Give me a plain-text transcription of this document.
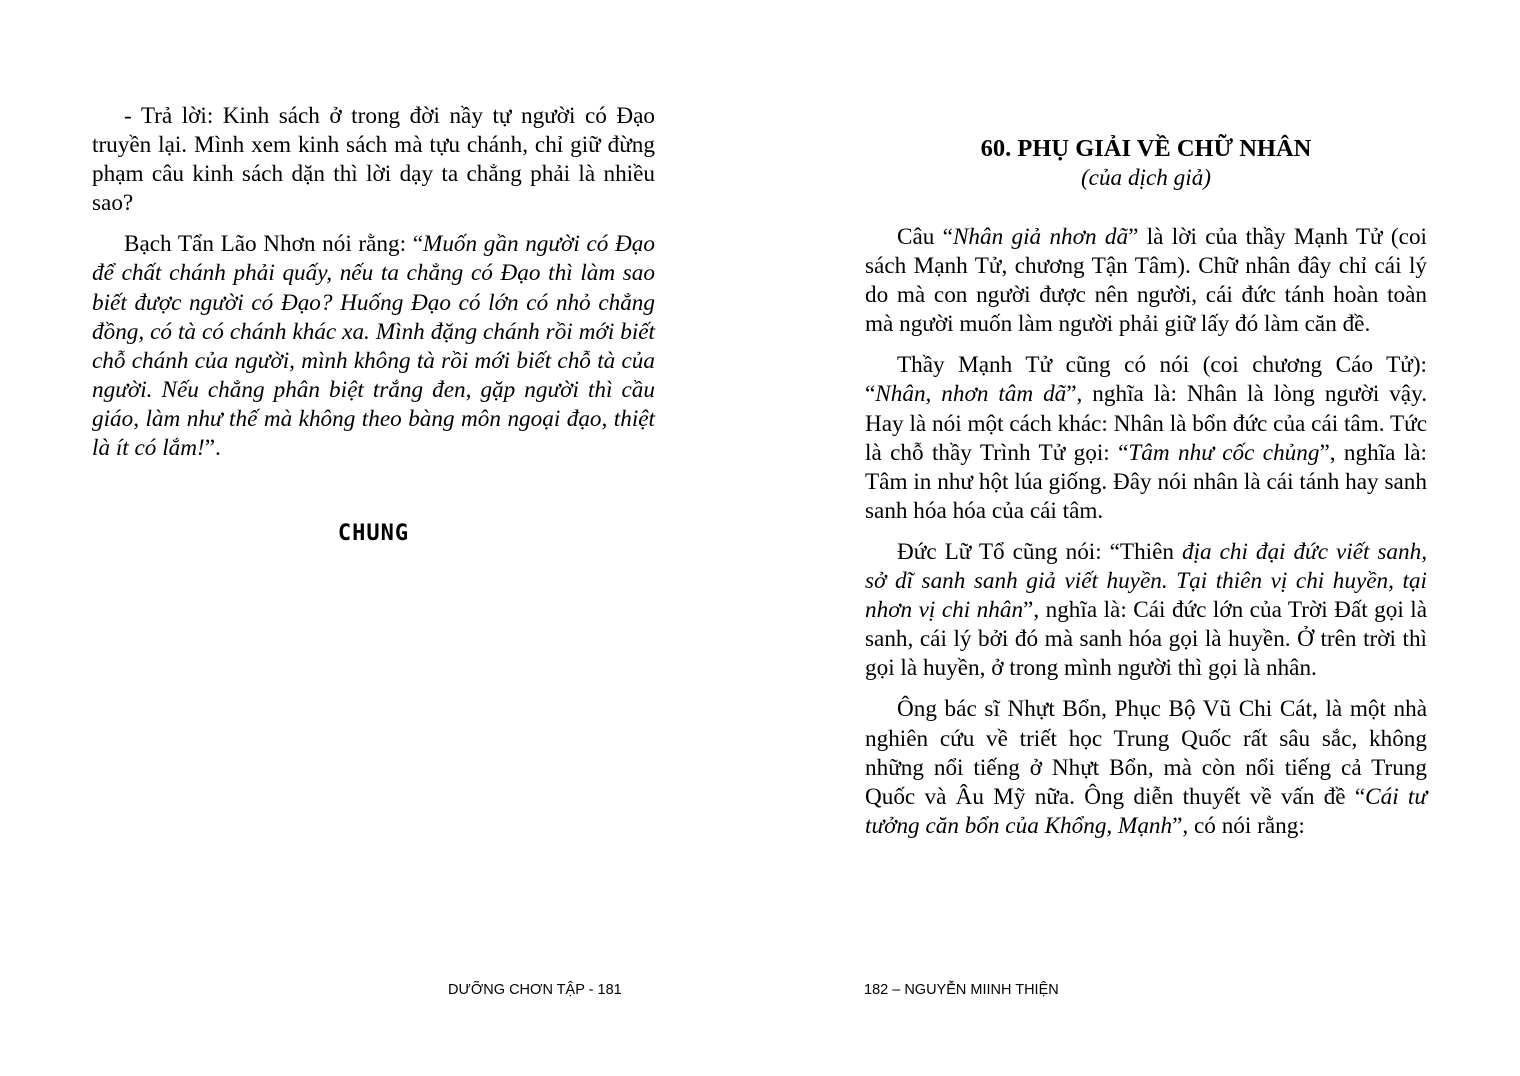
- Trả lời: Kinh sách ở trong đời nầy tự người có Đạo truyền lại. Mình xem kinh sách mà tựu chánh, chỉ giữ đừng phạm câu kinh sách dặn thì lời dạy ta chẳng phải là nhiều sao?

Bạch Tẩn Lão Nhơn nói rằng: “Muốn gần người có Đạo để chất chánh phải quấy, nếu ta chẳng có Đạo thì làm sao biết được người có Đạo? Huống Đạo có lớn có nhỏ chẳng đồng, có tà có chánh khác xa. Mình đặng chánh rồi mới biết chỗ chánh của người, mình không tà rồi mới biết chỗ tà của người. Nếu chẳng phân biệt trắng đen, gặp người thì cầu giáo, làm như thế mà không theo bàng môn ngoại đạo, thiệt là ít có lắm!”.

CHUNG
DƯỠNG CHƠN TẬP - 181
60. PHỤ GIẢI VỀ CHỮ NHÂN
(của dịch giả)

Câu “Nhân giả nhơn dã” là lời của thầy Mạnh Tử (coi sách Mạnh Tử, chương Tận Tâm). Chữ nhân đây chỉ cái lý do mà con người được nên người, cái đức tánh hoàn toàn mà người muốn làm người phải giữ lấy đó làm căn đề.

Thầy Mạnh Tử cũng có nói (coi chương Cáo Tử): “Nhân, nhơn tâm dã”, nghĩa là: Nhân là lòng người vậy. Hay là nói một cách khác: Nhân là bổn đức của cái tâm. Tức là chỗ thầy Trình Tử gọi: “Tâm như cốc chủng”, nghĩa là: Tâm in như hột lúa giống. Đây nói nhân là cái tánh hay sanh sanh hóa hóa của cái tâm.

Đức Lữ Tổ cũng nói: “Thiên địa chi đại đức viết sanh, sở dĩ sanh sanh giả viết huyền. Tại thiên vị chi huyền, tại nhơn vị chi nhân”, nghĩa là: Cái đức lớn của Trời Đất gọi là sanh, cái lý bởi đó mà sanh hóa gọi là huyền. Ở trên trời thì gọi là huyền, ở trong mình người thì gọi là nhân.

Ông bác sĩ Nhựt Bổn, Phục Bộ Vũ Chi Cát, là một nhà nghiên cứu về triết học Trung Quốc rất sâu sắc, không những nổi tiếng ở Nhựt Bổn, mà còn nổi tiếng cả Trung Quốc và Âu Mỹ nữa. Ông diễn thuyết về vấn đề “Cái tư tưởng căn bổn của Khổng, Mạnh”, có nói rằng:

182 – NGUYỄN MIINH THIỆN
